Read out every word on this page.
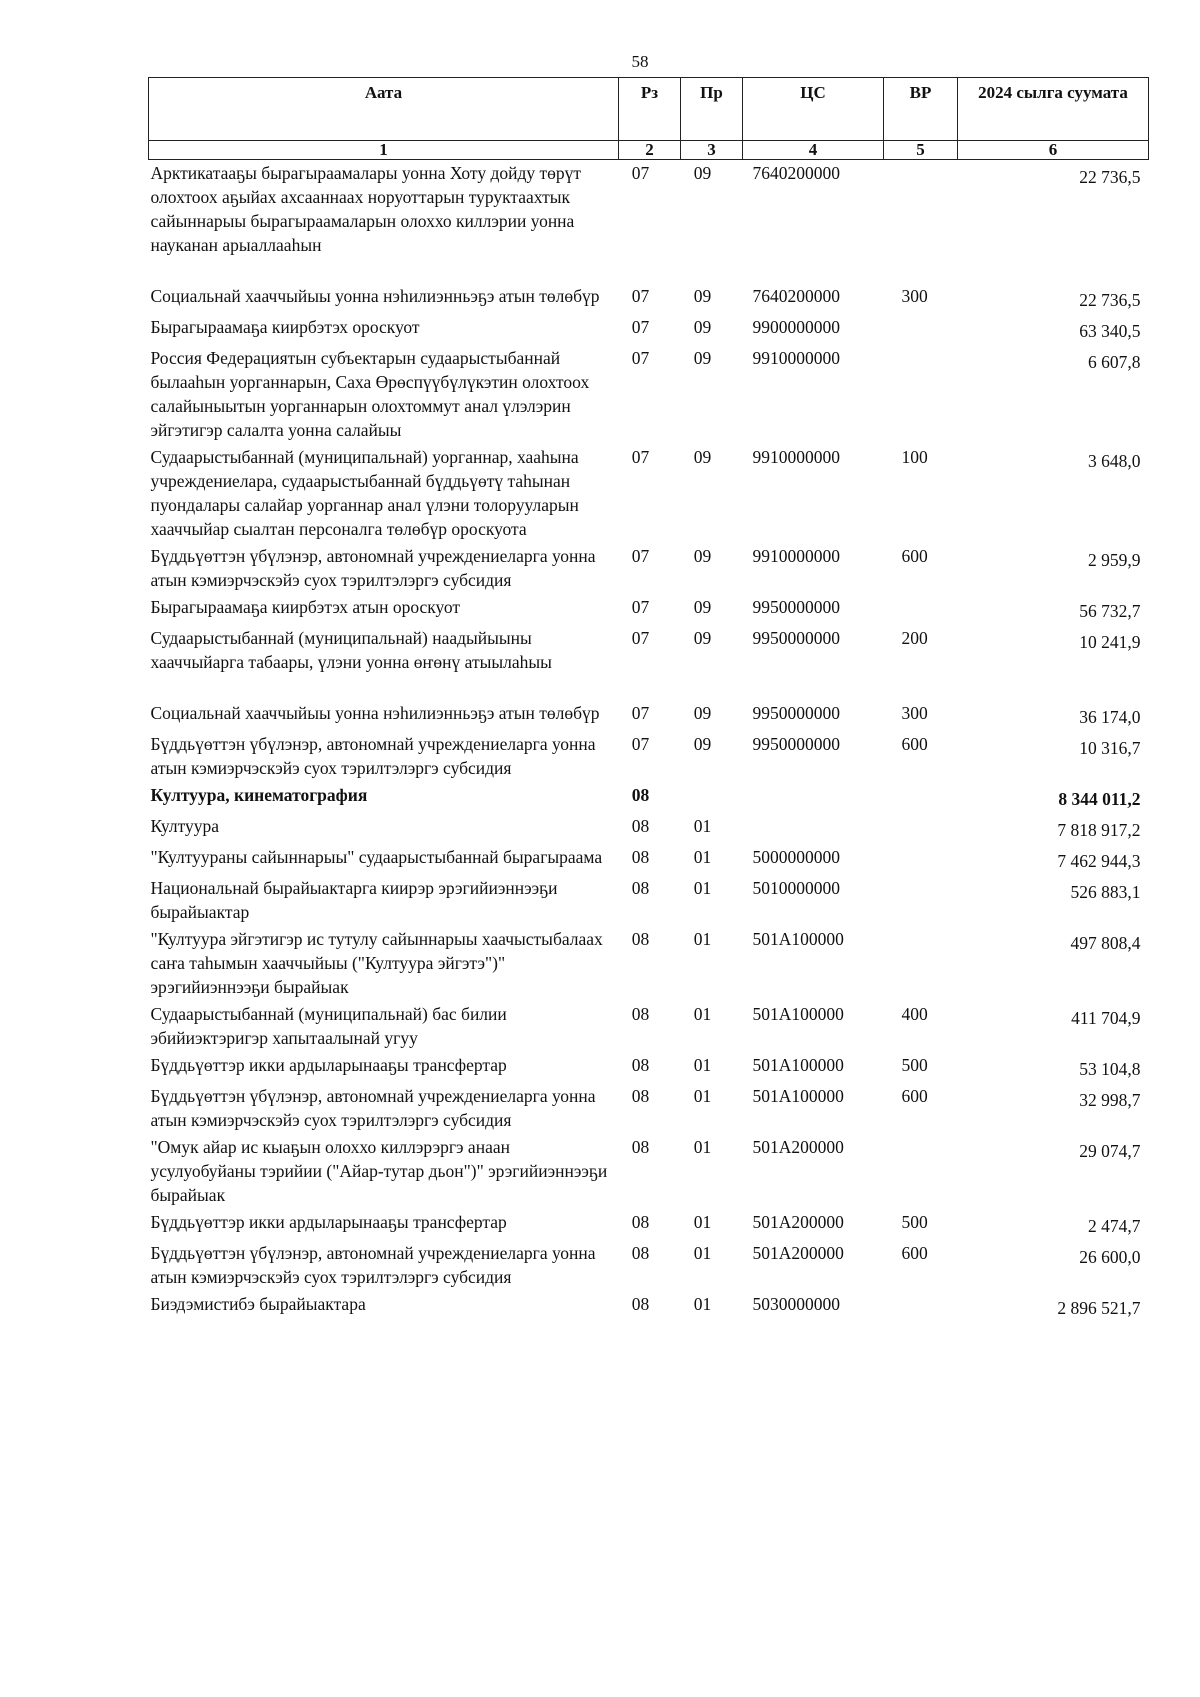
58
Аата	Рз	Пр	ЦС	ВР	2024 сылга суумата
1	2	3	4	5	6
Арктикатааҕы бырагыраамалары уонна Хоту дойду төрүт олохтоох аҕыйах ахсааннаах норуоттарын туруктаахтык сайыннарыы бырагыраамаларын олоххо киллэрии уонна науканан арыаллааһын	07	09	7640200000		22 736,5
Социальнай хааччыйыы уонна нэһилиэнньэҕэ атын төлөбүр	07	09	7640200000	300	22 736,5
Бырагыраамаҕа киирбэтэх ороскуот	07	09	9900000000		63 340,5
Россия Федерациятын субъектарын судаарыстыбаннай былааһын уорганнарын, Саха Өрөспүүбүлүкэтин олохтоох салайыныытын уорганнарын олохтоммут анал үлэлэрин эйгэтигэр салалта уонна салайыы	07	09	9910000000		6 607,8
Судаарыстыбаннай (муниципальнай) уорганнар, хааһына учреждениелара, судаарыстыбаннай бүддьүөтү таһынан пуондалары салайар уорганнар анал үлэни толорууларын хааччыйар сыалтан персоналга төлөбүр ороскуота	07	09	9910000000	100	3 648,0
Бүддьүөттэн үбүлэнэр, автономнай учреждениеларга уонна атын кэмиэрчэскэйэ суох тэрилтэлэргэ субсидия	07	09	9910000000	600	2 959,9
Бырагыраамаҕа киирбэтэх атын ороскуот	07	09	9950000000		56 732,7
Судаарыстыбаннай (муниципальнай) наадыйыыны хааччыйарга табаары, үлэни уонна өҥөнү атыылаһыы	07	09	9950000000	200	10 241,9
Социальнай хааччыйыы уонна нэһилиэнньэҕэ атын төлөбүр	07	09	9950000000	300	36 174,0
Бүддьүөттэн үбүлэнэр, автономнай учреждениеларга уонна атын кэмиэрчэскэйэ суох тэрилтэлэргэ субсидия	07	09	9950000000	600	10 316,7
Култуура, кинематография	08				8 344 011,2
Култуура	08	01			7 818 917,2
"Култуураны сайыннарыы" судаарыстыбаннай бырагыраама	08	01	5000000000		7 462 944,3
Национальнай бырайыактарга киирэр эрэгийиэннээҕи бырайыактар	08	01	5010000000		526 883,1
"Култуура эйгэтигэр ис тутулу сайыннарыы хаачыстыбалаах саҥа таһымын хааччыйыы ("Култуура эйгэтэ")" эрэгийиэннээҕи бырайыак	08	01	501A100000		497 808,4
Судаарыстыбаннай (муниципальнай) бас билии эбийиэктэригэр хапытаалынай угуу	08	01	501A100000	400	411 704,9
Бүддьүөттэр икки ардыларынааҕы трансфертар	08	01	501A100000	500	53 104,8
Бүддьүөттэн үбүлэнэр, автономнай учреждениеларга уонна атын кэмиэрчэскэйэ суох тэрилтэлэргэ субсидия	08	01	501A100000	600	32 998,7
"Омук айар ис кыаҕын олоххо киллэрэргэ анаан усулуобуйаны тэрийии ("Айар-тутар дьон")" эрэгийиэннээҕи бырайыак	08	01	501A200000		29 074,7
Бүддьүөттэр икки ардыларынааҕы трансфертар	08	01	501A200000	500	2 474,7
Бүддьүөттэн үбүлэнэр, автономнай учреждениеларга уонна атын кэмиэрчэскэйэ суох тэрилтэлэргэ субсидия	08	01	501A200000	600	26 600,0
Биэдэмистибэ бырайыактара	08	01	5030000000		2 896 521,7
